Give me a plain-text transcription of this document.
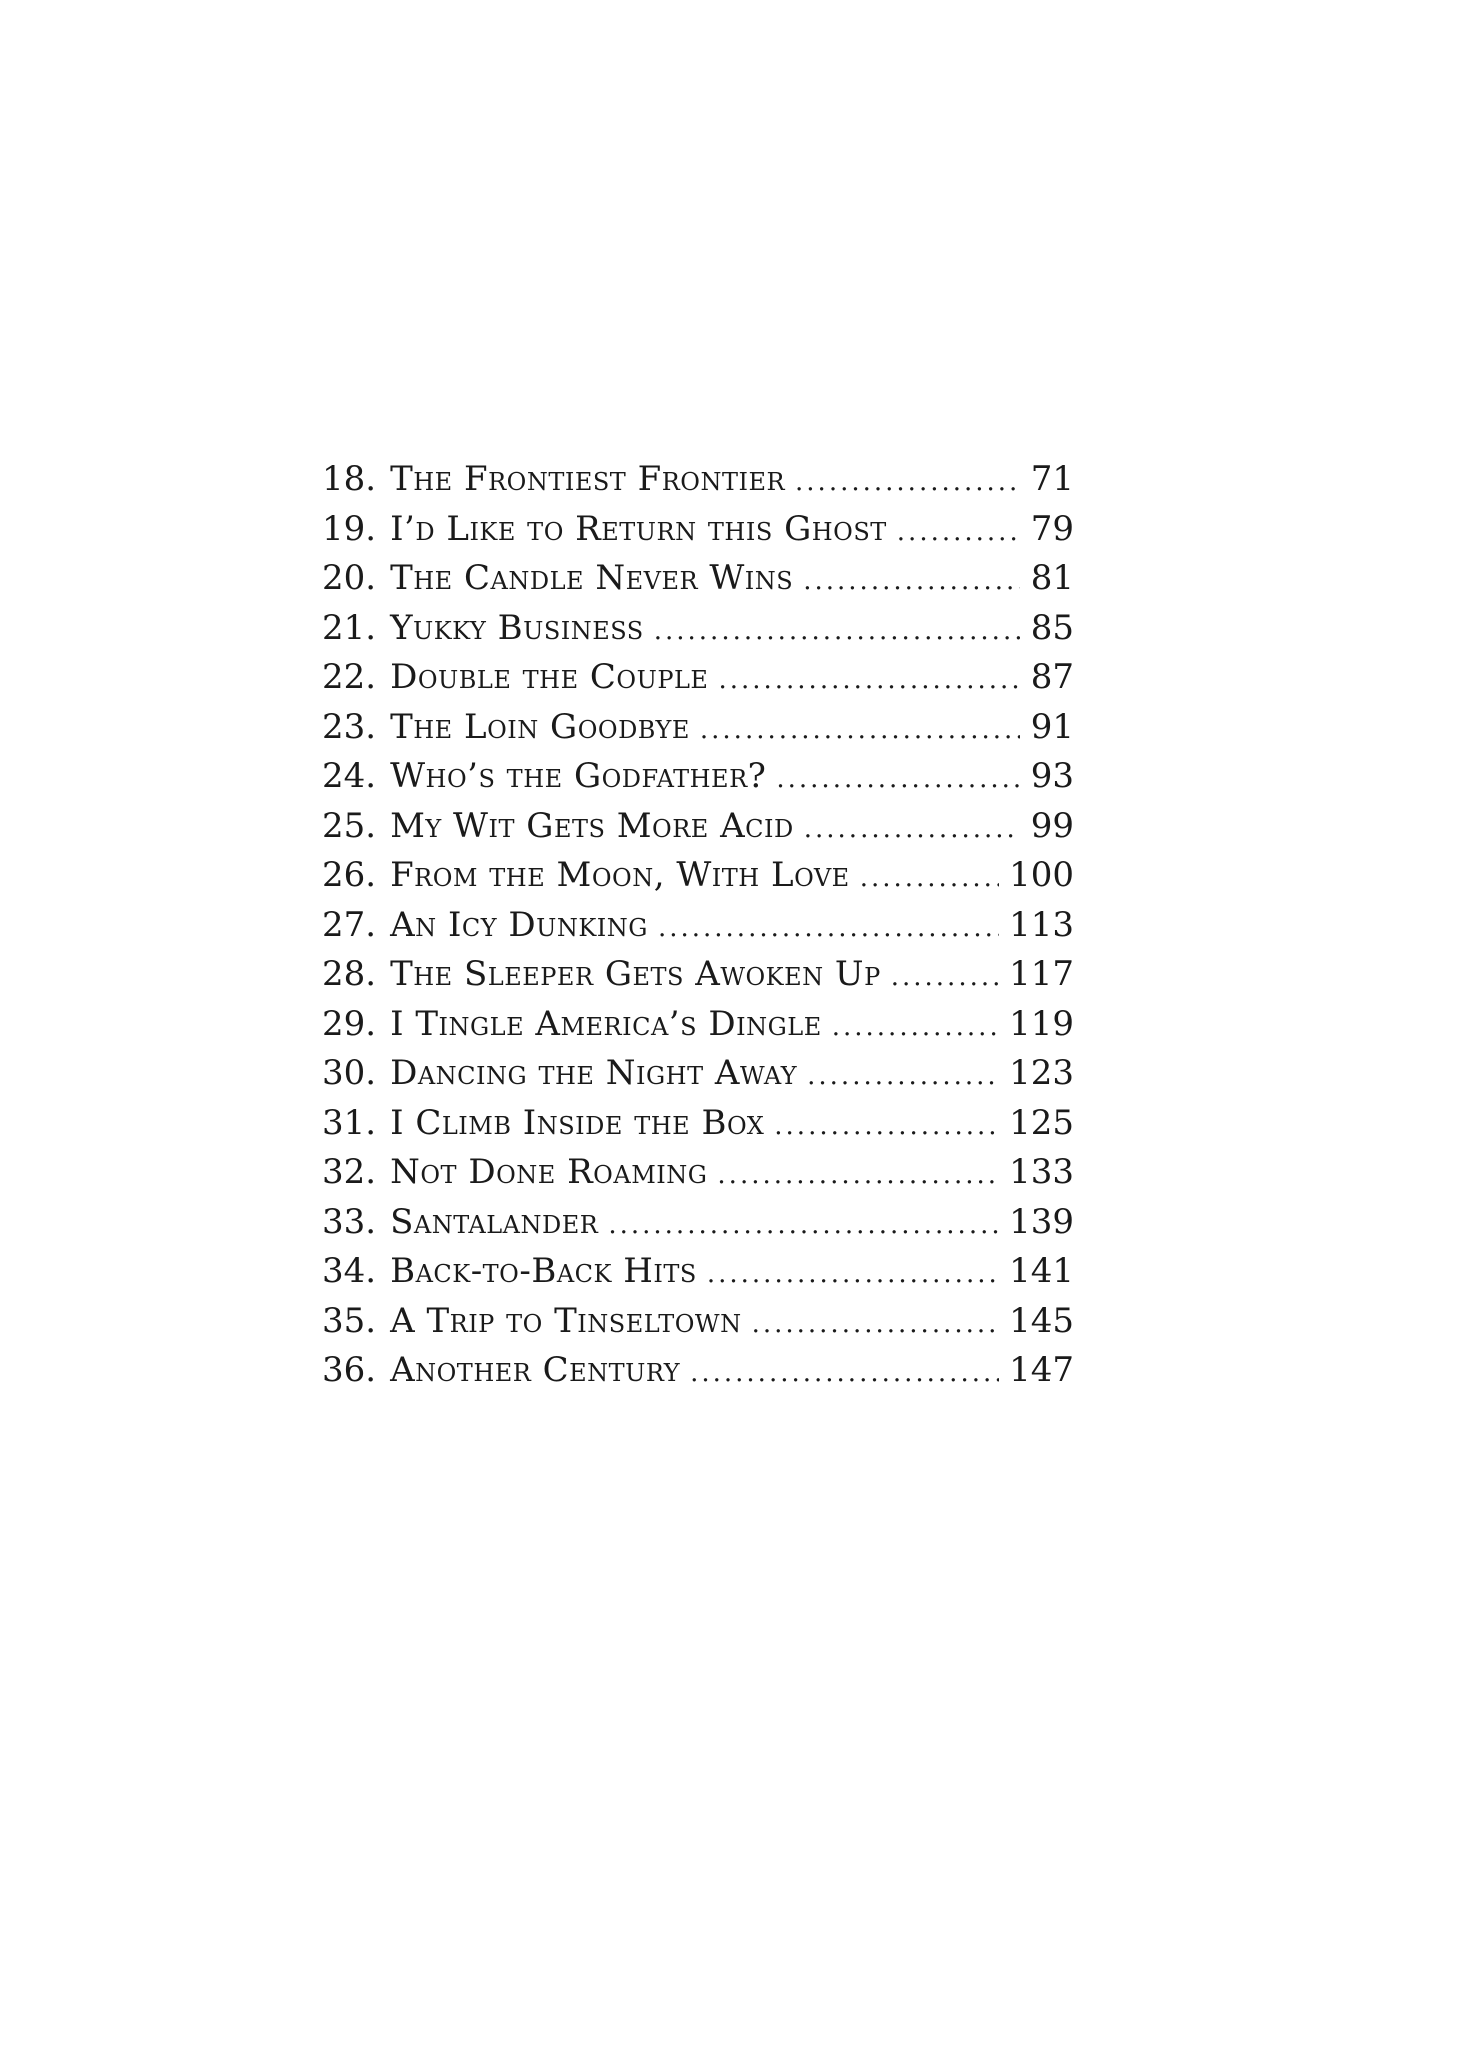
18. The Frontiest Frontier .....	71
19. I’d Like to Return this Ghost .....	79
20. The Candle Never Wins .....	81
21. Yukky Business .....	85
22. Double the Couple .....	87
23. The Loin Goodbye .....	91
24. Who’s the Godfather? .....	93
25. My Wit Gets More Acid .....	99
26. From the Moon, With Love .....	100
27. An Icy Dunking .....	113
28. The Sleeper Gets Awoken Up .....	117
29. I Tingle America’s Dingle .....	119
30. Dancing the Night Away .....	123
31. I Climb Inside the Box .....	125
32. Not Done Roaming .....	133
33. Santalander .....	139
34. Back-to-Back Hits .....	141
35. A Trip to Tinseltown .....	145
36. Another Century .....	147
